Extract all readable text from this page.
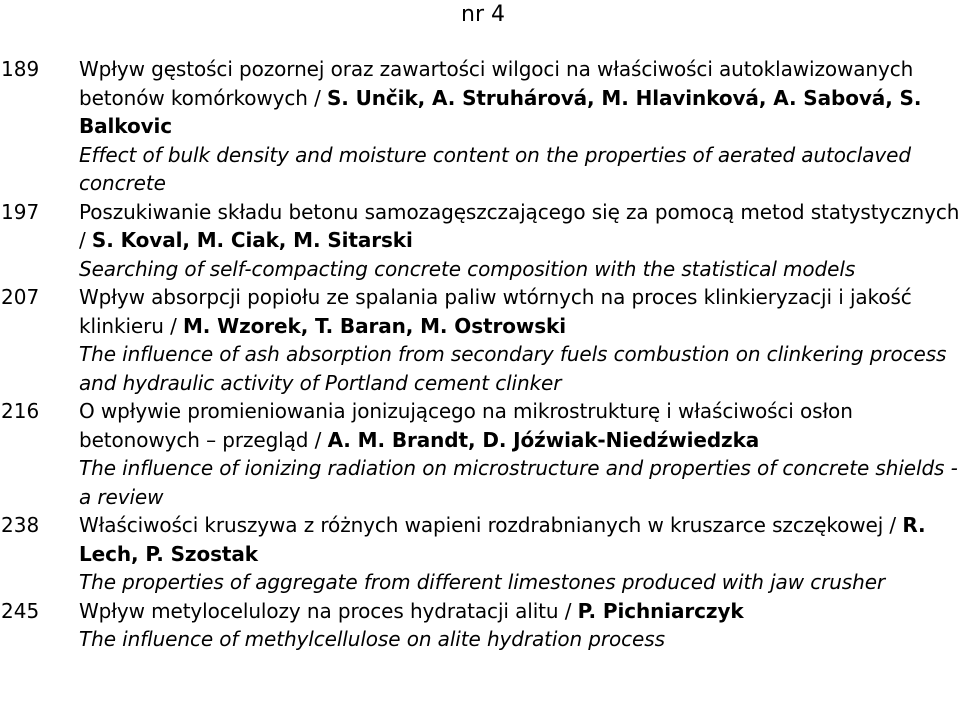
nr 4
189	Wpływ gęstości pozornej oraz zawartości wilgoci na właściwości autoklawizowanych betonów komórkowych / S. Unčik, A. Struhárová, M. Hlavinková, A. Sabová, S. Balkovic
Effect of bulk density and moisture content on the properties of aerated autoclaved concrete
197	Poszukiwanie składu betonu samozagęszczającego się za pomocą metod statystycznych / S. Koval, M. Ciak, M. Sitarski
Searching of self-compacting concrete composition with the statistical models
207	Wpływ absorpcji popiołu ze spalania paliw wtórnych na proces klinkieryzacji i jakość klinkieru / M. Wzorek, T. Baran, M. Ostrowski
The influence of ash absorption from secondary fuels combustion on clinkering process and hydraulic activity of Portland cement clinker
216	O wpływie promieniowania jonizującego na mikrostrukturę i właściwości osłon betonowych – przegląd / A. M. Brandt, D. Jóźwiak-Niedźwiedzka
The influence of ionizing radiation on microstructure and properties of concrete shields - a review
238	Właściwości kruszywa z różnych wapieni rozdrabnianych w kruszarce szczękowej / R. Lech, P. Szostak
The properties of aggregate from different limestones produced with jaw crusher
245	Wpływ metylocelulozy na proces hydratacji alitu / P. Pichniarczyk
The influence of methylcellulose on alite hydration process
